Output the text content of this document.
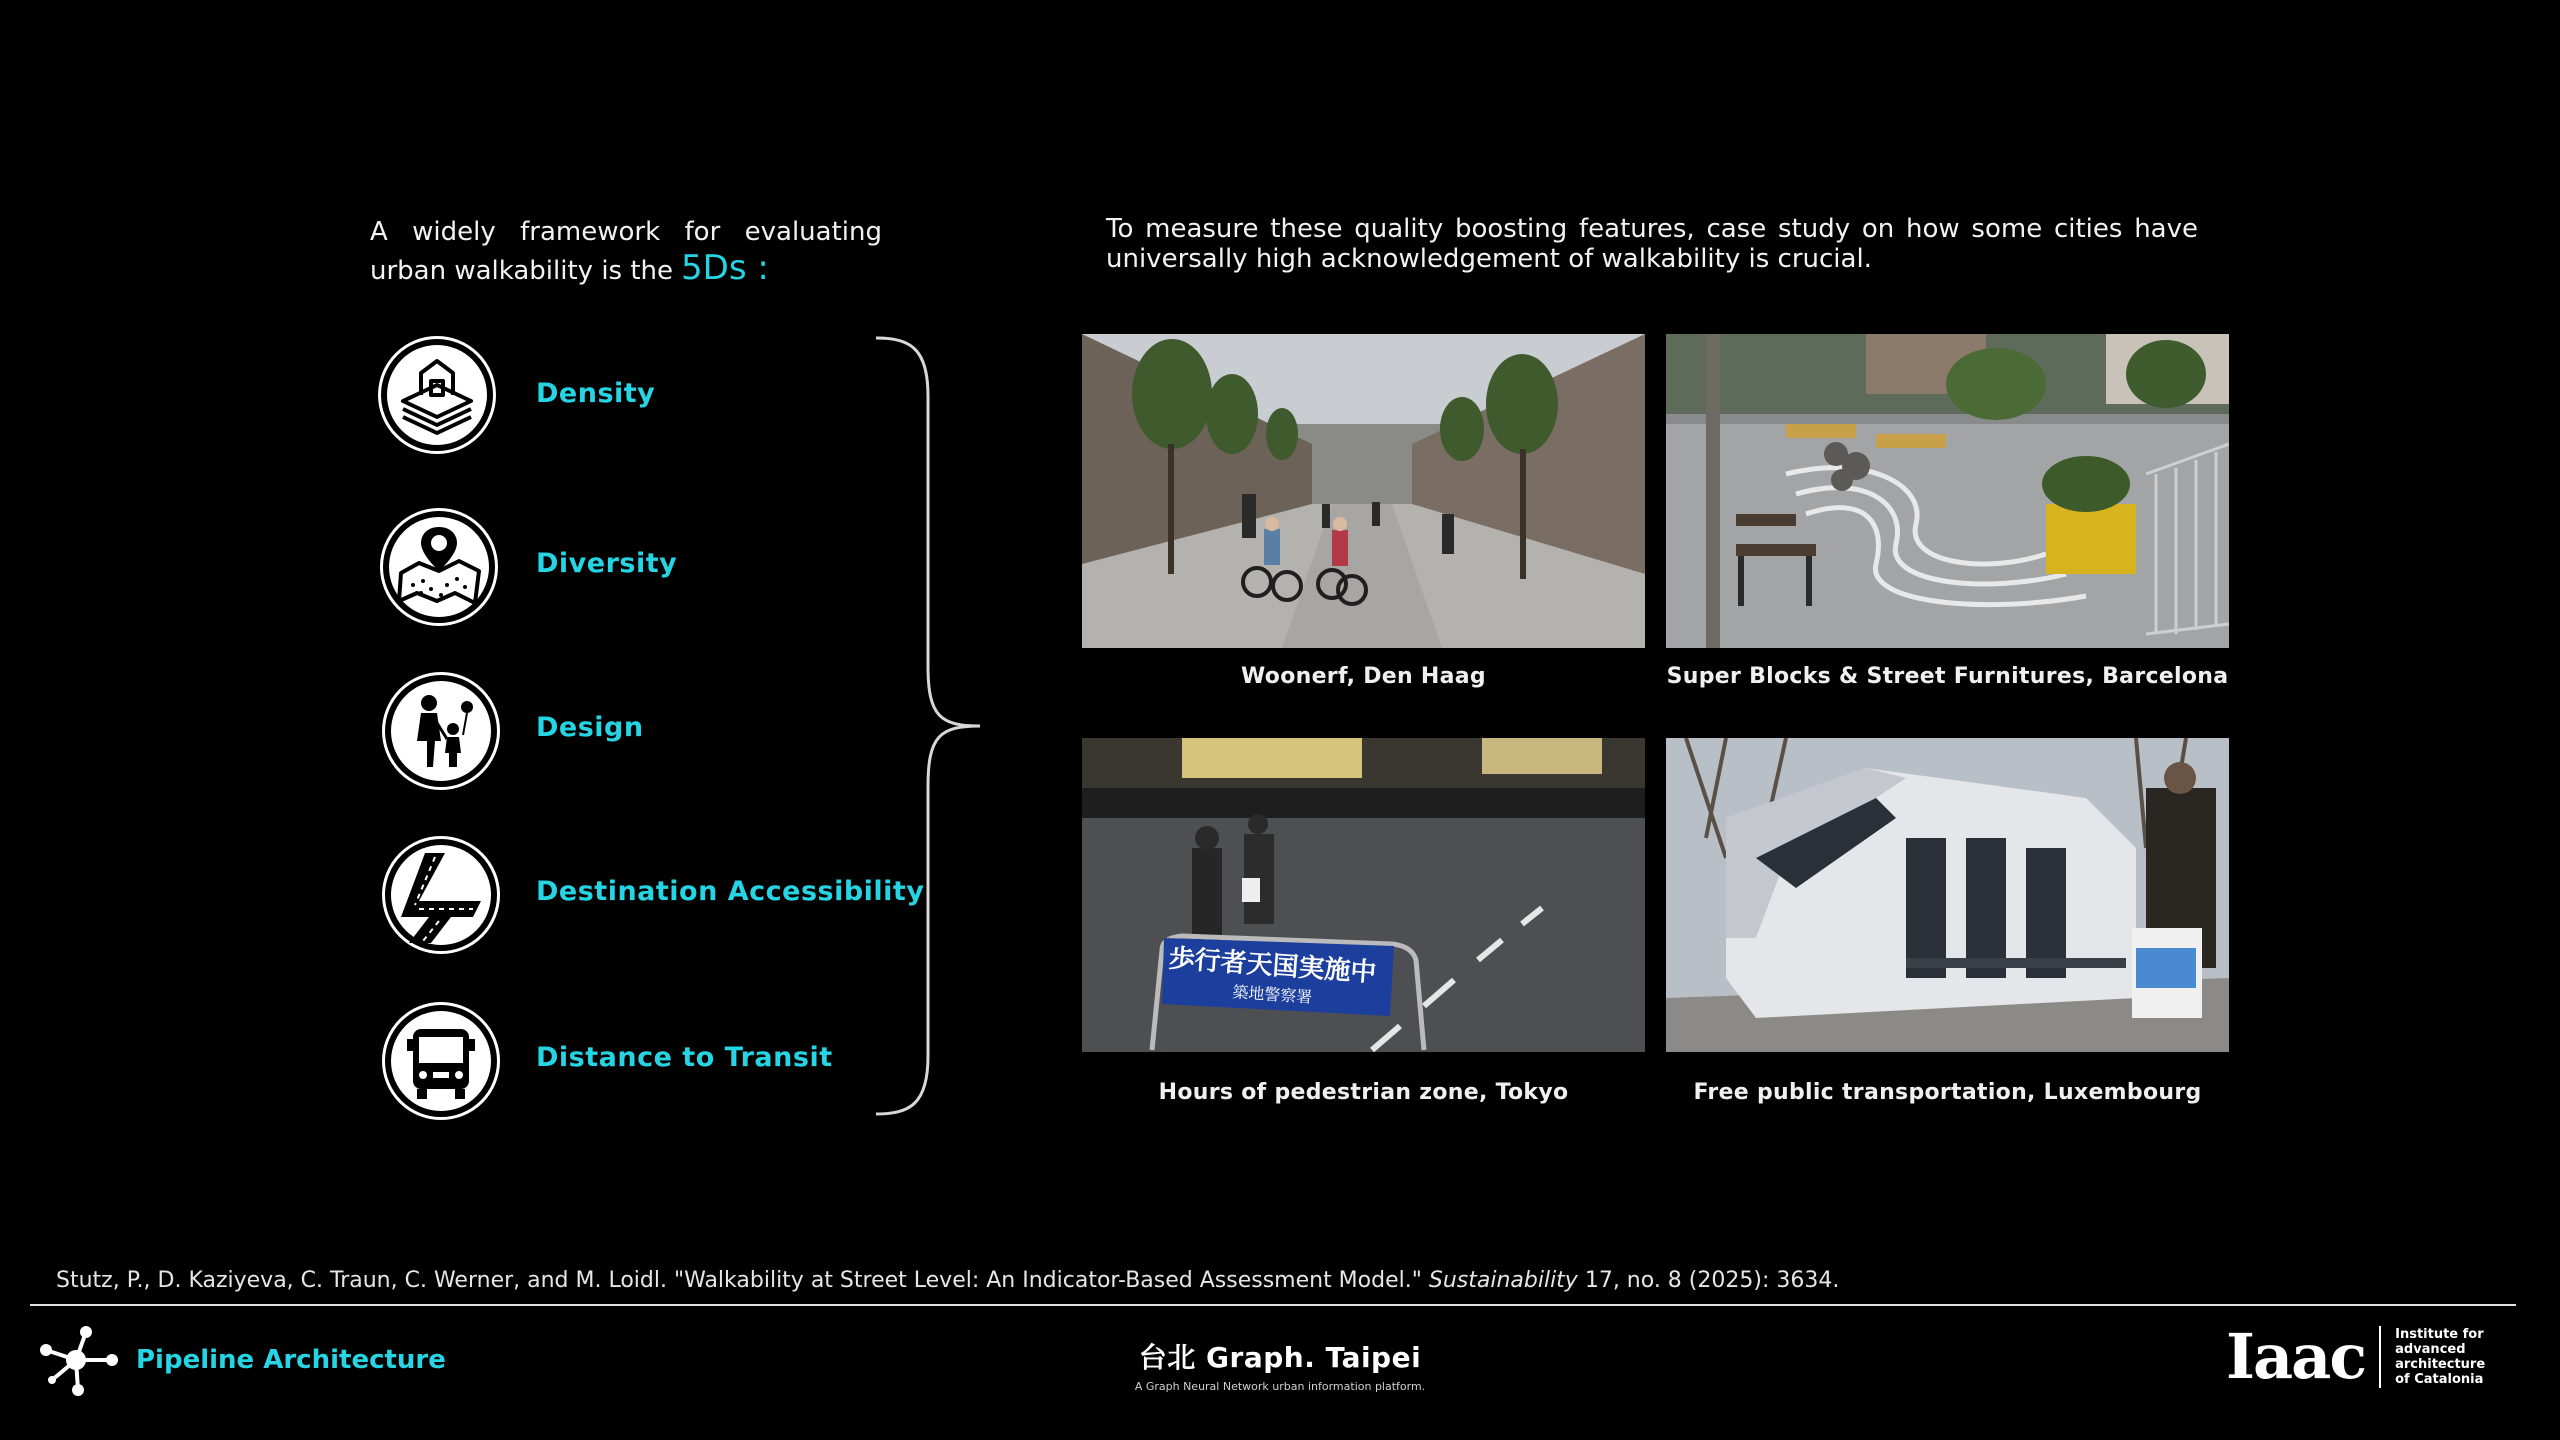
A widely framework for evaluating urban walkability is the 5Ds :
To measure these quality boosting features, case study on how some cities have universally high acknowledgement of walkability is crucial.
Density
Diversity
Design
Destination Accessibility
Distance to Transit
Woonerf, Den Haag	Super Blocks & Street Furnitures, Barcelona
歩行者天国実施中
築地警察署
Hours of pedestrian zone, Tokyo	Free public transportation, Luxembourg
Stutz, P., D. Kaziyeva, C. Traun, C. Werner, and M. Loidl. "Walkability at Street Level: An Indicator-Based Assessment Model." Sustainability 17, no. 8 (2025): 3634.
Pipeline Architecture	台北 Graph. Taipei
A Graph Neural Network urban information platform.	Iaac Institute for
advanced
architecture
of Catalonia
